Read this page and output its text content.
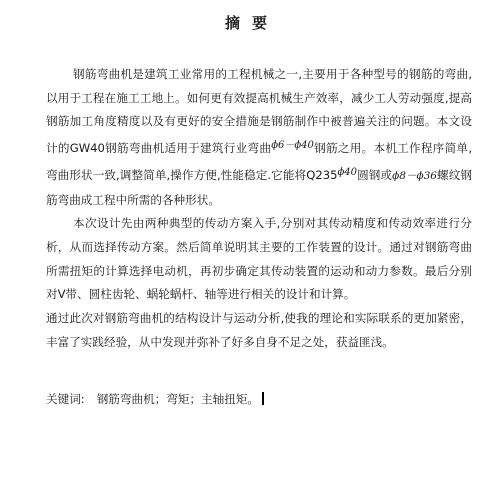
摘要

钢筋弯曲机是建筑工业常用的工程机械之一,主要用于各种型号的钢筋的弯曲,以用于工程在施工工地上。如何更有效提高机械生产效率，减少工人劳动强度,提高钢筋加工角度精度以及有更好的安全措施是钢筋制作中被普遍关注的问题。本文设计的GW40钢筋弯曲机适用于建筑行业弯曲ϕ6－ϕ40钢筋之用。本机工作程序简单,弯曲形状一致,调整简单,操作方便,性能稳定.它能将Q235ϕ40圆钢或ϕ8－ϕ36螺纹钢筋弯曲成工程中所需的各种形状。

本次设计先由两种典型的传动方案入手,分别对其传动精度和传动效率进行分析，从而选择传动方案。然后简单说明其主要的工作装置的设计。通过对钢筋弯曲所需扭矩的计算选择电动机，再初步确定其传动装置的运动和动力参数。最后分别对V带、圆柱齿轮、蜗轮蜗杆、轴等进行相关的设计和计算。

通过此次对钢筋弯曲机的结构设计与运动分析,使我的理论和实际联系的更加紧密，丰富了实践经验，从中发现并弥补了好多自身不足之处，获益匪浅。

关键词: 钢筋弯曲机；弯矩；主轴扭矩。
